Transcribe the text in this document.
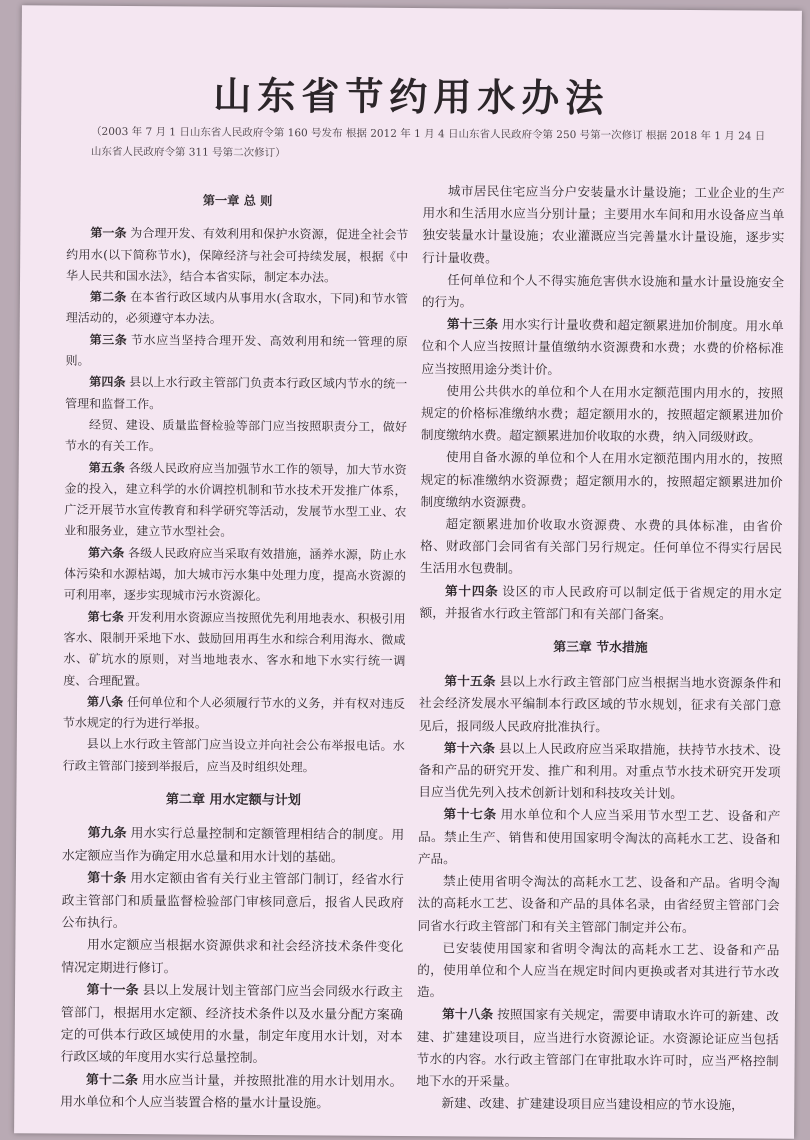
山东省节约用水办法
（2003 年 7 月 1 日山东省人民政府令第 160 号发布 根据 2012 年 1 月 4 日山东省人民政府令第 250 号第一次修订 根据 2018 年 1 月 24 日山东省人民政府令第 311 号第二次修订）
第一章 总 则

第一条 为合理开发、有效利用和保护水资源，促进全社会节约用水(以下简称节水)，保障经济与社会可持续发展，根据《中华人民共和国水法》，结合本省实际，制定本办法。

第二条 在本省行政区域内从事用水(含取水，下同)和节水管理活动的，必须遵守本办法。

第三条 节水应当坚持合理开发、高效利用和统一管理的原则。

第四条 县以上水行政主管部门负责本行政区域内节水的统一管理和监督工作。

经贸、建设、质量监督检验等部门应当按照职责分工，做好节水的有关工作。

第五条 各级人民政府应当加强节水工作的领导，加大节水资金的投入，建立科学的水价调控机制和节水技术开发推广体系，广泛开展节水宣传教育和科学研究等活动，发展节水型工业、农业和服务业，建立节水型社会。

第六条 各级人民政府应当采取有效措施，涵养水源，防止水体污染和水源枯竭，加大城市污水集中处理力度，提高水资源的可利用率，逐步实现城市污水资源化。

第七条 开发利用水资源应当按照优先利用地表水、积极引用客水、限制开采地下水、鼓励回用再生水和综合利用海水、微咸水、矿坑水的原则，对当地地表水、客水和地下水实行统一调度、合理配置。

第八条 任何单位和个人必须履行节水的义务，并有权对违反节水规定的行为进行举报。

县以上水行政主管部门应当设立并向社会公布举报电话。水行政主管部门接到举报后，应当及时组织处理。

第二章 用水定额与计划

第九条 用水实行总量控制和定额管理相结合的制度。用水定额应当作为确定用水总量和用水计划的基础。

第十条 用水定额由省有关行业主管部门制订，经省水行政主管部门和质量监督检验部门审核同意后，报省人民政府公布执行。

用水定额应当根据水资源供求和社会经济技术条件变化情况定期进行修订。

第十一条 县以上发展计划主管部门应当会同级水行政主管部门，根据用水定额、经济技术条件以及水量分配方案确定的可供本行政区域使用的水量，制定年度用水计划，对本行政区域的年度用水实行总量控制。

第十二条 用水应当计量，并按照批准的用水计划用水。用水单位和个人应当装置合格的量水计量设施。

城市居民住宅应当分户安装量水计量设施；工业企业的生产用水和生活用水应当分别计量；主要用水车间和用水设备应当单独安装量水计量设施；农业灌溉应当完善量水计量设施，逐步实行计量收费。

任何单位和个人不得实施危害供水设施和量水计量设施安全的行为。

第十三条 用水实行计量收费和超定额累进加价制度。用水单位和个人应当按照计量值缴纳水资源费和水费；水费的价格标准应当按照用途分类计价。

使用公共供水的单位和个人在用水定额范围内用水的，按照规定的价格标准缴纳水费；超定额用水的，按照超定额累进加价制度缴纳水费。超定额累进加价收取的水费，纳入同级财政。

使用自备水源的单位和个人在用水定额范围内用水的，按照规定的标准缴纳水资源费；超定额用水的，按照超定额累进加价制度缴纳水资源费。

超定额累进加价收取水资源费、水费的具体标准，由省价格、财政部门会同省有关部门另行规定。任何单位不得实行居民生活用水包费制。

第十四条 设区的市人民政府可以制定低于省规定的用水定额，并报省水行政主管部门和有关部门备案。

第三章 节水措施

第十五条 县以上水行政主管部门应当根据当地水资源条件和社会经济发展水平编制本行政区域的节水规划，征求有关部门意见后，报同级人民政府批准执行。

第十六条 县以上人民政府应当采取措施，扶持节水技术、设备和产品的研究开发、推广和利用。对重点节水技术研究开发项目应当优先列入技术创新计划和科技攻关计划。

第十七条 用水单位和个人应当采用节水型工艺、设备和产品。禁止生产、销售和使用国家明令淘汰的高耗水工艺、设备和产品。

禁止使用省明令淘汰的高耗水工艺、设备和产品。省明令淘汰的高耗水工艺、设备和产品的具体名录，由省经贸主管部门会同省水行政主管部门和有关主管部门制定并公布。

已安装使用国家和省明令淘汰的高耗水工艺、设备和产品的，使用单位和个人应当在规定时间内更换或者对其进行节水改造。

第十八条 按照国家有关规定，需要申请取水许可的新建、改建、扩建建设项目，应当进行水资源论证。水资源论证应当包括节水的内容。水行政主管部门在审批取水许可时，应当严格控制地下水的开采量。

新建、改建、扩建建设项目应当建设相应的节水设施，
